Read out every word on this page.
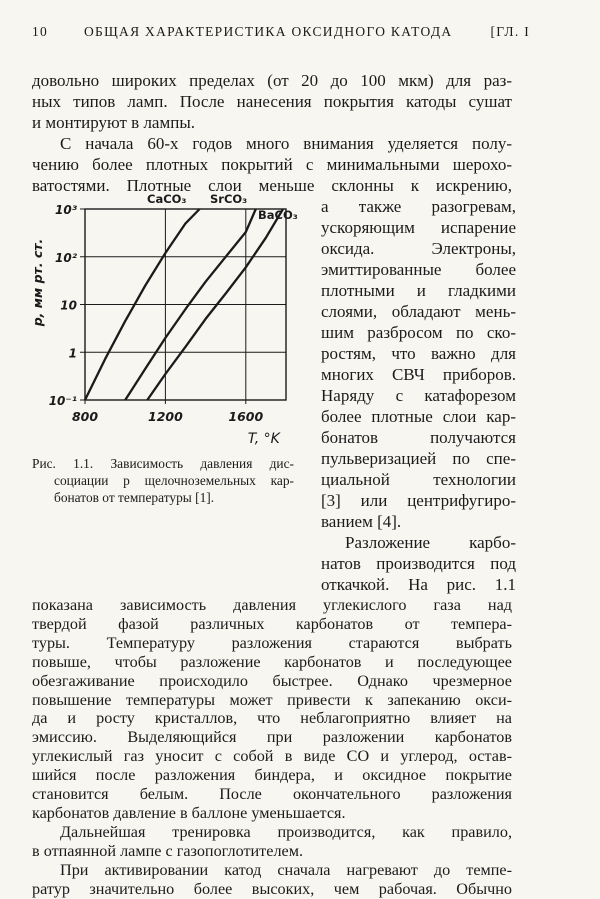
10	ОБЩАЯ ХАРАКТЕРИСТИКА ОКСИДНОГО КАТОДА	[ГЛ. I
довольно широких пределах (от 20 до 100 мкм) для раз-
ных типов ламп. После нанесения покрытия катоды сушат
и монтируют в лампы.
С начала 60-х годов много внимания уделяется полу-
чению более плотных покрытий с минимальными шерохо-
ватостями. Плотные слои меньше склонны к искрению,
а также разогревам,
ускоряющим испарение
оксида. Электроны,
эмиттированные более
плотными и гладкими
слоями, обладают мень-
шим разбросом по ско-
ростям, что важно для
многих СВЧ приборов.
Наряду с катафорезом
более плотные слои кар-
бонатов получаются
пульверизацией по спе-
циальной технологии
[3] или центрифугиро-
ванием [4].
Разложение карбо-
натов производится под
откачкой. На рис. 1.1
10⁻¹
1
10
10²
10³
800	1200	1600
T, °K
p, мм рт. ст.
CaCO₃ SrCO₃
BaCO₃
Рис. 1.1. Зависимость давления дис-
социации p щелочноземельных кар-
бонатов от температуры [1].
показана зависимость давления углекислого газа над
твердой фазой различных карбонатов от темпера-
туры. Температуру разложения стараются выбрать
повыше, чтобы разложение карбонатов и последующее
обезгаживание происходило быстрее. Однако чрезмерное
повышение температуры может привести к запеканию окси-
да и росту кристаллов, что неблагоприятно влияет на
эмиссию. Выделяющийся при разложении карбонатов
углекислый газ уносит с собой в виде CO и углерод, остав-
шийся после разложения биндера, и оксидное покрытие
становится белым. После окончательного разложения
карбонатов давление в баллоне уменьшается.
Дальнейшая тренировка производится, как правило,
в отпаянной лампе с газопоглотителем.
При активировании катод сначала нагревают до темпе-
ратур значительно более высоких, чем рабочая. Обычно
